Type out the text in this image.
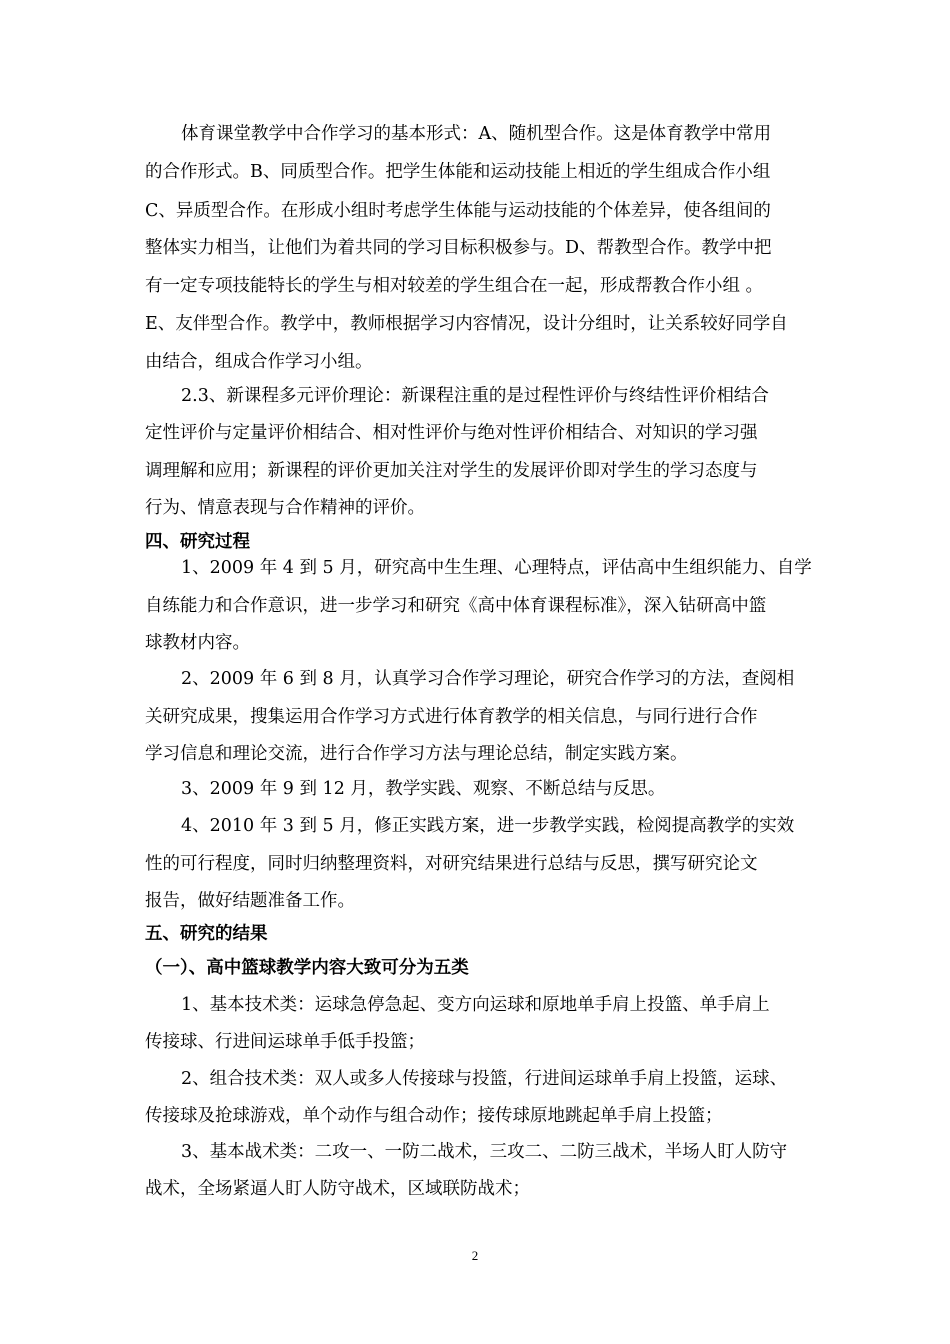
体育课堂教学中合作学习的基本形式：A、随机型合作。这是体育教学中常用
的合作形式。B、同质型合作。把学生体能和运动技能上相近的学生组成合作小组
C、异质型合作。在形成小组时考虑学生体能与运动技能的个体差异，使各组间的
整体实力相当，让他们为着共同的学习目标积极参与。D、帮教型合作。教学中把
有一定专项技能特长的学生与相对较差的学生组合在一起，形成帮教合作小组 。
E、友伴型合作。教学中，教师根据学习内容情况，设计分组时，让关系较好同学自
由结合，组成合作学习小组。
2.3、新课程多元评价理论：新课程注重的是过程性评价与终结性评价相结合
定性评价与定量评价相结合、相对性评价与绝对性评价相结合、对知识的学习强
调理解和应用；新课程的评价更加关注对学生的发展评价即对学生的学习态度与
行为、情意表现与合作精神的评价。
四、研究过程
1、2009 年 4 到 5 月，研究高中生生理、心理特点，评估高中生组织能力、自学
自练能力和合作意识，进一步学习和研究《高中体育课程标准》，深入钻研高中篮
球教材内容。
2、2009 年 6 到 8 月，认真学习合作学习理论，研究合作学习的方法，查阅相
关研究成果，搜集运用合作学习方式进行体育教学的相关信息，与同行进行合作
学习信息和理论交流，进行合作学习方法与理论总结，制定实践方案。
3、2009 年 9 到 12 月，教学实践、观察、不断总结与反思。
4、2010 年 3 到 5 月，修正实践方案，进一步教学实践，检阅提高教学的实效
性的可行程度，同时归纳整理资料，对研究结果进行总结与反思，撰写研究论文
报告，做好结题准备工作。
五、研究的结果
（一）、高中篮球教学内容大致可分为五类
1、基本技术类：运球急停急起、变方向运球和原地单手肩上投篮、单手肩上
传接球、行进间运球单手低手投篮；
2、组合技术类：双人或多人传接球与投篮，行进间运球单手肩上投篮，运球、
传接球及抢球游戏，单个动作与组合动作；接传球原地跳起单手肩上投篮；
3、基本战术类：二攻一、一防二战术，三攻二、二防三战术，半场人盯人防守
战术，全场紧逼人盯人防守战术，区域联防战术；
2
